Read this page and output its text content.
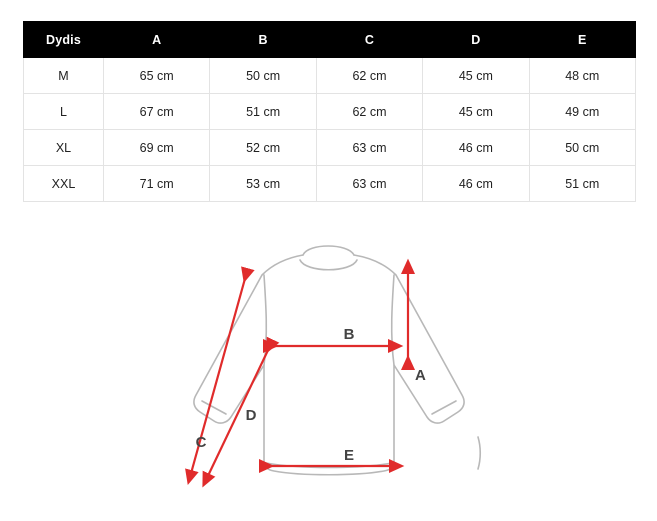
Dydis	A	B	C	D	E
M	65 cm	50 cm	62 cm	45 cm	48 cm
L	67 cm	51 cm	62 cm	45 cm	49 cm
XL	69 cm	52 cm	63 cm	46 cm	50 cm
XXL	71 cm	53 cm	63 cm	46 cm	51 cm
A
B
C
D
E
